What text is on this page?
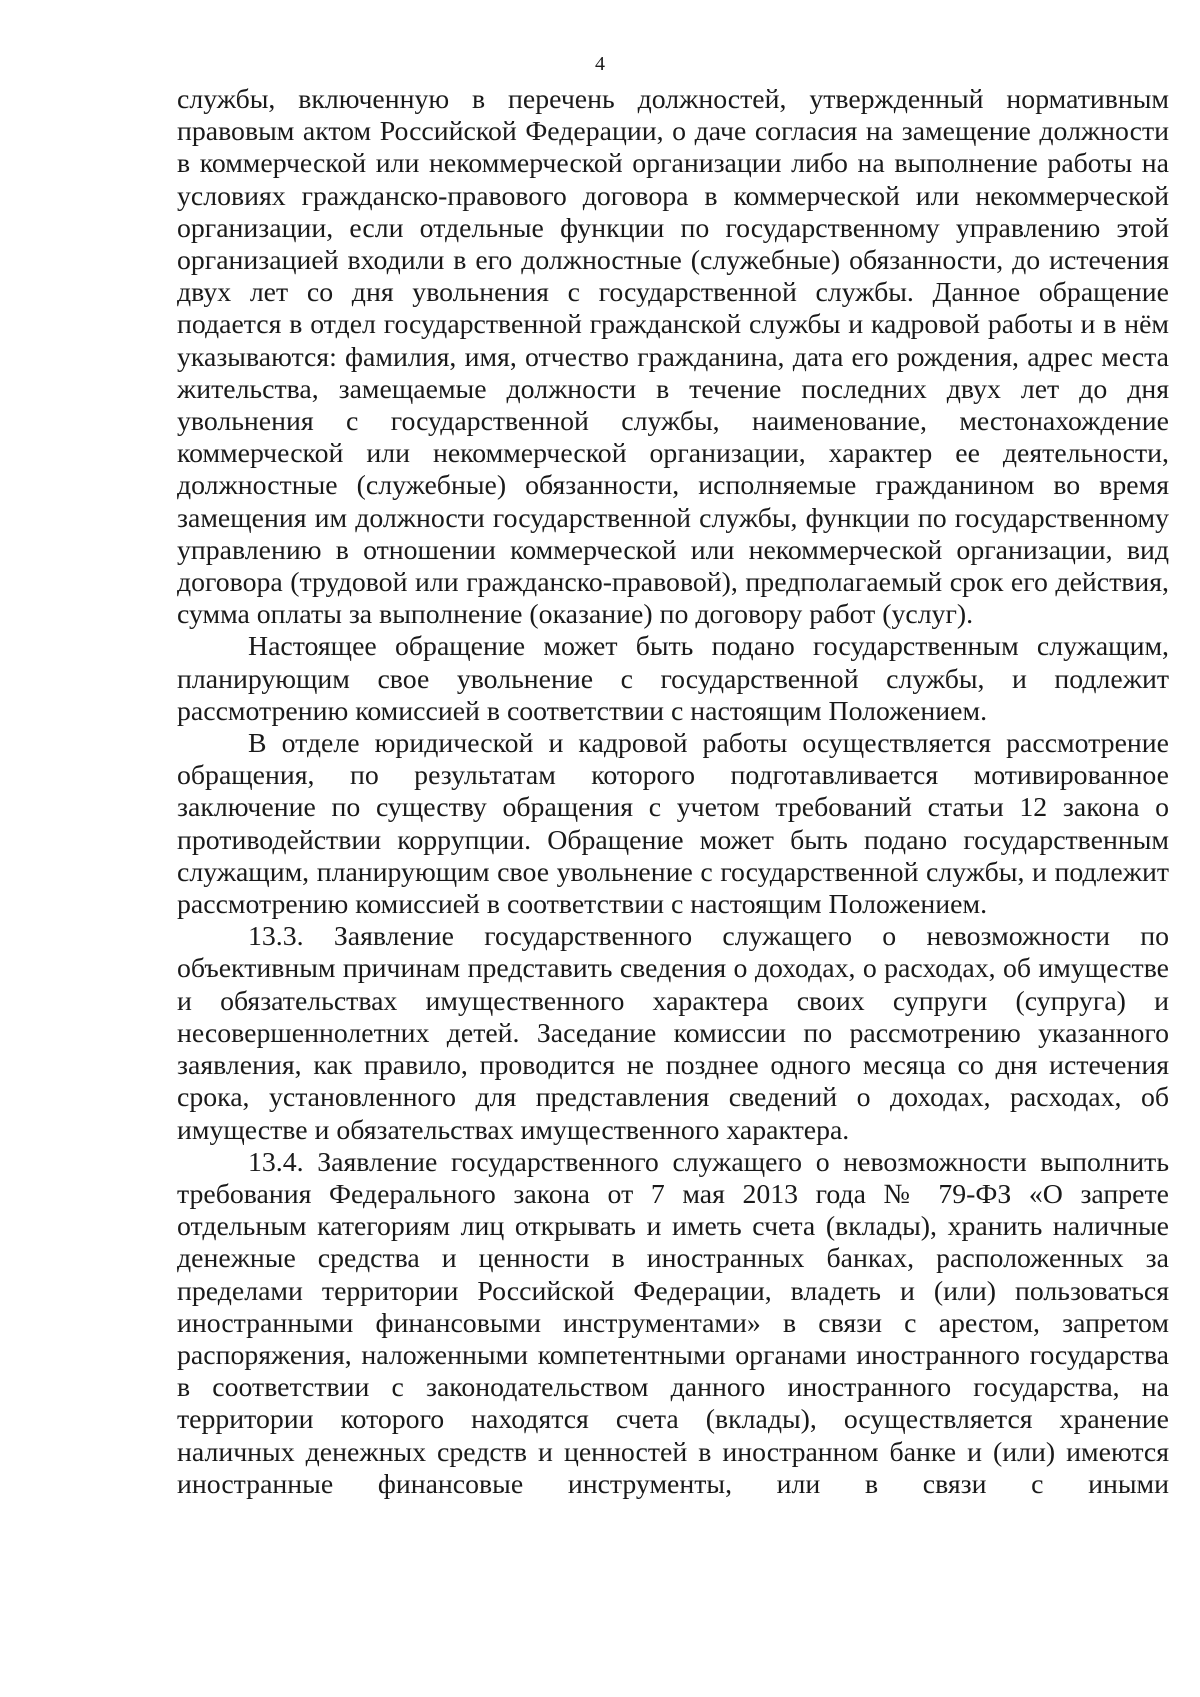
4

службы, включенную в перечень должностей, утвержденный нормативным правовым актом Российской Федерации, о даче согласия на замещение должности в коммерческой или некоммерческой организации либо на выполнение работы на условиях гражданско-правового договора в коммерческой или некоммерческой организации, если отдельные функции по государственному управлению этой организацией входили в его должностные (служебные) обязанности, до истечения двух лет со дня увольнения с государственной службы. Данное обращение подается в отдел государственной гражданской службы и кадровой работы и в нём указываются: фамилия, имя, отчество гражданина, дата его рождения, адрес места жительства, замещаемые должности в течение последних двух лет до дня увольнения с государственной службы, наименование, местонахождение коммерческой или некоммерческой организации, характер ее деятельности, должностные (служебные) обязанности, исполняемые гражданином во время замещения им должности государственной службы, функции по государственному управлению в отношении коммерческой или некоммерческой организации, вид договора (трудовой или гражданско-правовой), предполагаемый срок его действия, сумма оплаты за выполнение (оказание) по договору работ (услуг).

Настоящее обращение может быть подано государственным служащим, планирующим свое увольнение с государственной службы, и подлежит рассмотрению комиссией в соответствии с настоящим Положением.

В отделе юридической и кадровой работы осуществляется рассмотрение обращения, по результатам которого подготавливается мотивированное заключение по существу обращения с учетом требований статьи 12 закона о противодействии коррупции. Обращение может быть подано государственным служащим, планирующим свое увольнение с государственной службы, и подлежит рассмотрению комиссией в соответствии с настоящим Положением.

13.3. Заявление государственного служащего о невозможности по объективным причинам представить сведения о доходах, о расходах, об имуществе и обязательствах имущественного характера своих супруги (супруга) и несовершеннолетних детей. Заседание комиссии по рассмотрению указанного заявления, как правило, проводится не позднее одного месяца со дня истечения срока, установленного для представления сведений о доходах, расходах, об имуществе и обязательствах имущественного характера.

13.4. Заявление государственного служащего о невозможности выполнить требования Федерального закона от 7 мая 2013 года № 79-ФЗ «О запрете отдельным категориям лиц открывать и иметь счета (вклады), хранить наличные денежные средства и ценности в иностранных банках, расположенных за пределами территории Российской Федерации, владеть и (или) пользоваться иностранными финансовыми инструментами» в связи с арестом, запретом распоряжения, наложенными компетентными органами иностранного государства в соответствии с законодательством данного иностранного государства, на территории которого находятся счета (вклады), осуществляется хранение наличных денежных средств и ценностей в иностранном банке и (или) имеются иностранные финансовые инструменты, или в связи с иными
